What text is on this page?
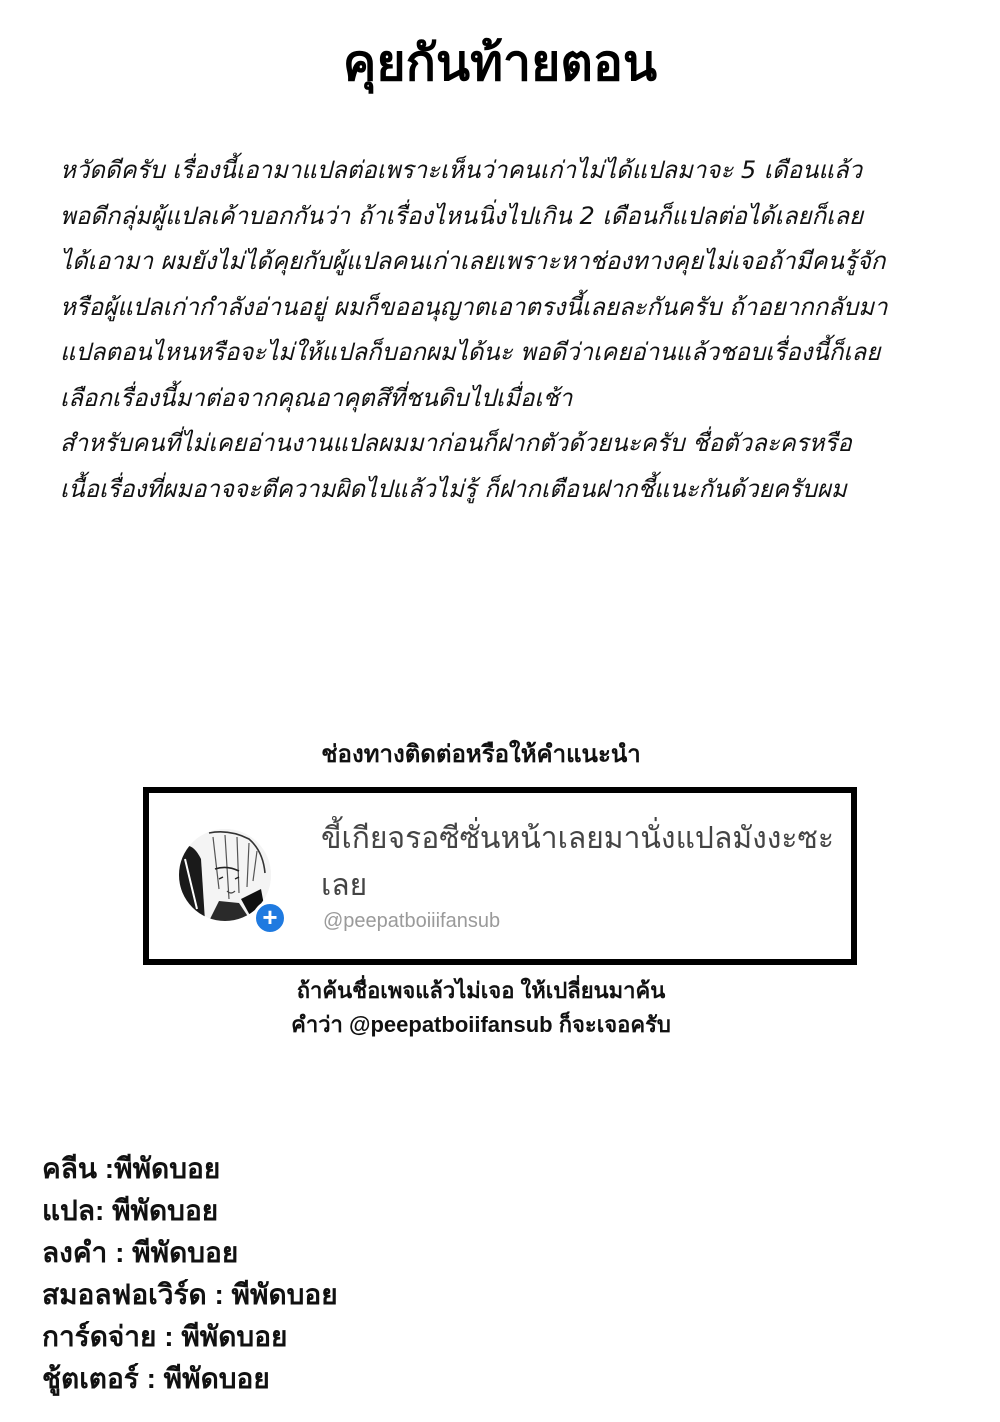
คุยกันท้ายตอน
หวัดดีครับ เรื่องนี้เอามาแปลต่อเพราะเห็นว่าคนเก่าไม่ได้แปลมาจะ 5 เดือนแล้ว
พอดีกลุ่มผู้แปลเค้าบอกกันว่า ถ้าเรื่องไหนนิ่งไปเกิน 2 เดือนก็แปลต่อได้เลยก็เลย
ได้เอามา ผมยังไม่ได้คุยกับผู้แปลคนเก่าเลยเพราะหาช่องทางคุยไม่เจอถ้ามีคนรู้จัก
หรือผู้แปลเก่ากำลังอ่านอยู่ ผมก็ขออนุญาตเอาตรงนี้เลยละกันครับ ถ้าอยากกลับมา
แปลตอนไหนหรือจะไม่ให้แปลก็บอกผมได้นะ พอดีว่าเคยอ่านแล้วชอบเรื่องนี้ก็เลย
เลือกเรื่องนี้มาต่อจากคุณอาคุตสึที่ชนดิบไปเมื่อเช้า
สำหรับคนที่ไม่เคยอ่านงานแปลผมมาก่อนก็ฝากตัวด้วยนะครับ ชื่อตัวละครหรือ
เนื้อเรื่องที่ผมอาจจะตีความผิดไปแล้วไม่รู้ ก็ฝากเตือนฝากชี้แนะกันด้วยครับผม
ช่องทางติดต่อหรือให้คำแนะนำ
+
ขี้เกียจรอซีซั่นหน้าเลยมานั่งแปลมังงะซะเลย
@peepatboiiifansub
ถ้าค้นชื่อเพจแล้วไม่เจอ ให้เปลี่ยนมาค้น
คำว่า @peepatboiifansub ก็จะเจอครับ
คลีน :พีพัดบอย
แปล: พีพัดบอย
ลงคำ : พีพัดบอย
สมอลฟอเวิร์ด : พีพัดบอย
การ์ดจ่าย : พีพัดบอย
ชู้ตเตอร์ : พีพัดบอย
